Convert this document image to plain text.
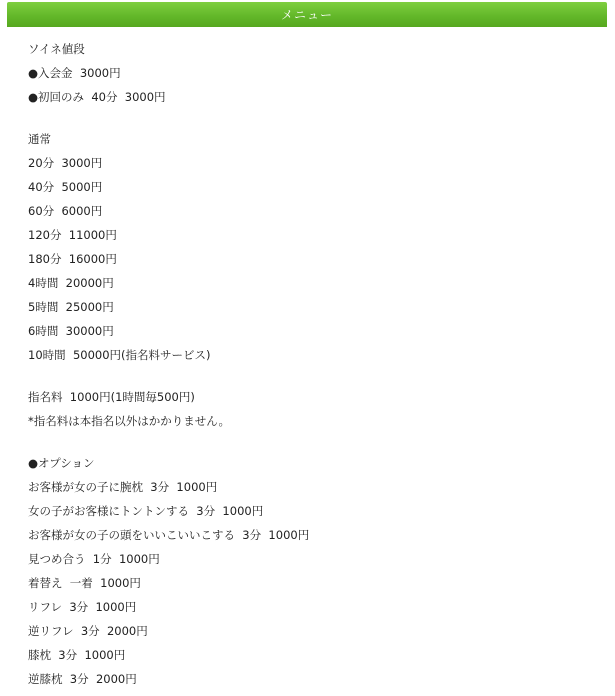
メニュー
ソイネ値段
●入会金  3000円
●初回のみ  40分  3000円
通常
20分  3000円
40分  5000円
60分  6000円
120分  11000円
180分  16000円
4時間  20000円
5時間  25000円
6時間  30000円
10時間  50000円(指名料サービス)
指名料  1000円(1時間毎500円)
*指名料は本指名以外はかかりません。
●オプション
お客様が女の子に腕枕  3分  1000円
女の子がお客様にトントンする  3分  1000円
お客様が女の子の頭をいいこいいこする  3分  1000円
見つめ合う  1分  1000円
着替え  一着  1000円
リフレ  3分  1000円
逆リフレ  3分  2000円
膝枕  3分  1000円
逆膝枕  3分  2000円
